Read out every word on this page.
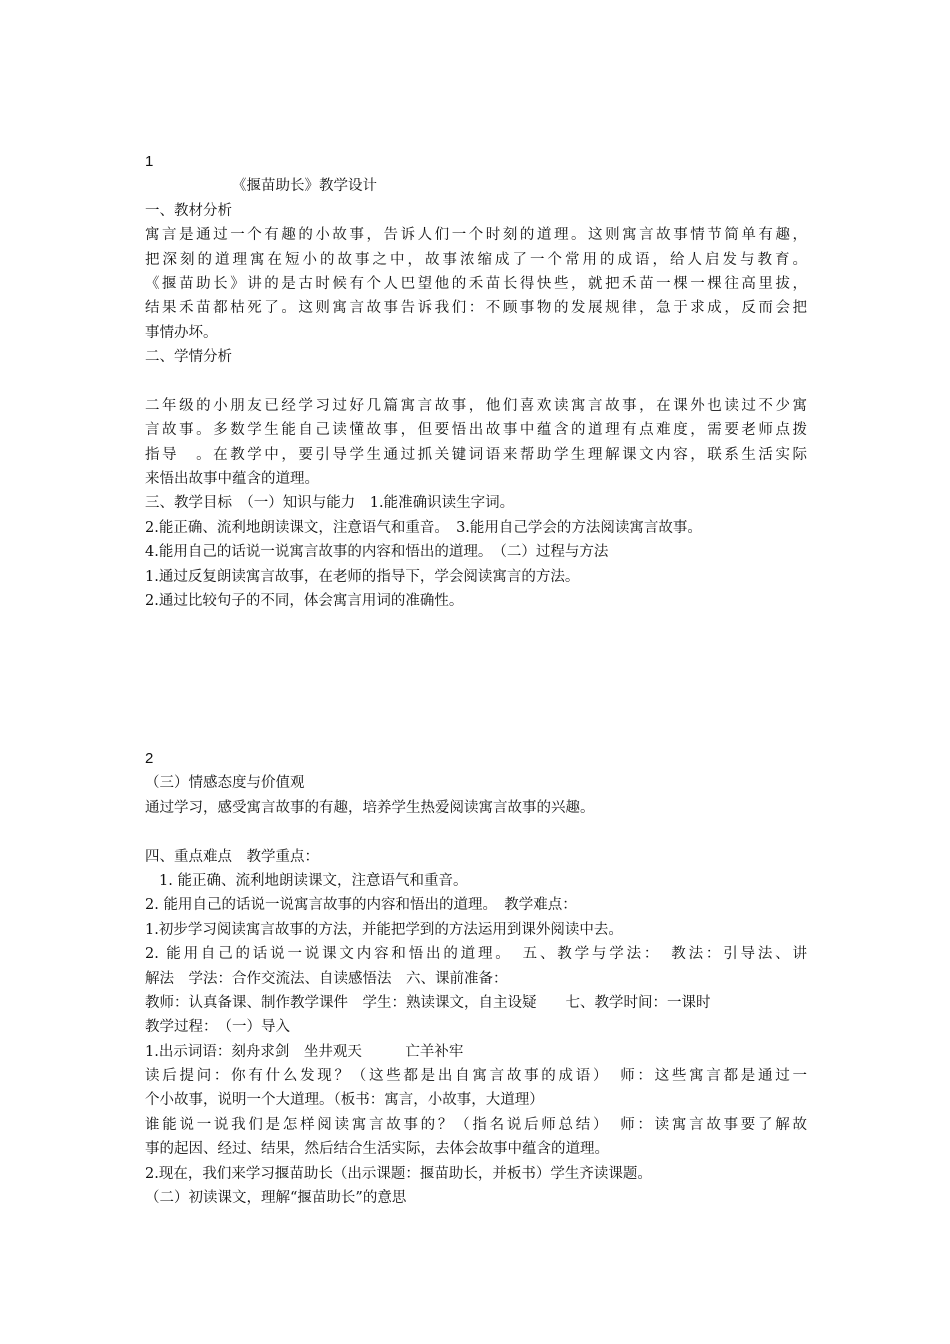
1
《揠苗助长》教学设计
一、教材分析
寓言是通过一个有趣的小故事，告诉人们一个时刻的道理。这则寓言故事情节简单有趣，
把深刻的道理寓在短小的故事之中，故事浓缩成了一个常用的成语，给人启发与教育。
《揠苗助长》讲的是古时候有个人巴望他的禾苗长得快些，就把禾苗一棵一棵往高里拔，
结果禾苗都枯死了。这则寓言故事告诉我们：不顾事物的发展规律，急于求成，反而会把
事情办坏。
二、学情分析
二年级的小朋友已经学习过好几篇寓言故事，他们喜欢读寓言故事，在课外也读过不少寓
言故事。多数学生能自己读懂故事，但要悟出故事中蕴含的道理有点难度，需要老师点拨
指导　。在教学中，要引导学生通过抓关键词语来帮助学生理解课文内容，联系生活实际
来悟出故事中蕴含的道理。
三、教学目标　（一）知识与能力　1.能准确识读生字词。
2.能正确、流利地朗读课文，注意语气和重音。　3.能用自己学会的方法阅读寓言故事。
4.能用自己的话说一说寓言故事的内容和悟出的道理。　（二）过程与方法
1.通过反复朗读寓言故事，在老师的指导下，学会阅读寓言的方法。
2.通过比较句子的不同，体会寓言用词的准确性。
2
（三）情感态度与价值观
通过学习，感受寓言故事的有趣，培养学生热爱阅读寓言故事的兴趣。
四、重点难点　教学重点：
1. 能正确、流利地朗读课文，注意语气和重音。
2. 能用自己的话说一说寓言故事的内容和悟出的道理。　教学难点：
1.初步学习阅读寓言故事的方法，并能把学到的方法运用到课外阅读中去。
2. 能用自己的话说一说课文内容和悟出的道理。　五、教学与学法：　教法：引导法、讲
解法　学法：合作交流法、自读感悟法　六、课前准备：
教师：认真备课、制作教学课件　学生：熟读课文，自主设疑　　七、教学时间：一课时
教学过程：　（一）导入
1.出示词语：刻舟求剑　坐井观天　　　亡羊补牢
读后提问：你有什么发现？（这些都是出自寓言故事的成语）　师：这些寓言都是通过一
个小故事，说明一个大道理。（板书：寓言，小故事，大道理）
谁能说一说我们是怎样阅读寓言故事的？（指名说后师总结）　师：读寓言故事要了解故
事的起因、经过、结果，然后结合生活实际，去体会故事中蕴含的道理。
2.现在，我们来学习揠苗助长（出示课题：揠苗助长，并板书）学生齐读课题。
（二）初读课文，理解“揠苗助长”的意思
